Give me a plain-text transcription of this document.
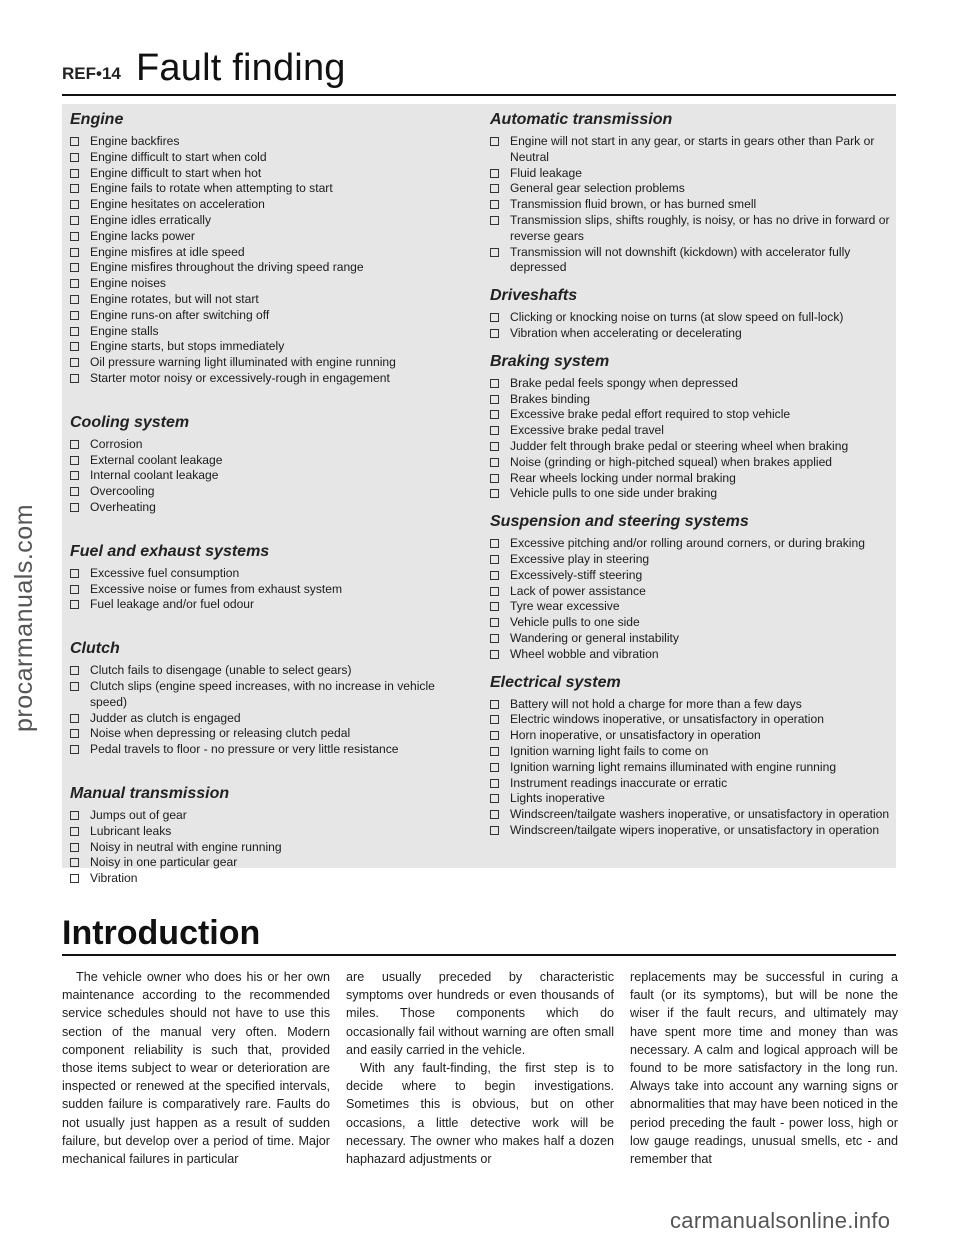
REF•14 Fault finding
procarmanuals.com
Engine
Engine backfires
Engine difficult to start when cold
Engine difficult to start when hot
Engine fails to rotate when attempting to start
Engine hesitates on acceleration
Engine idles erratically
Engine lacks power
Engine misfires at idle speed
Engine misfires throughout the driving speed range
Engine noises
Engine rotates, but will not start
Engine runs-on after switching off
Engine stalls
Engine starts, but stops immediately
Oil pressure warning light illuminated with engine running
Starter motor noisy or excessively-rough in engagement
Cooling system
Corrosion
External coolant leakage
Internal coolant leakage
Overcooling
Overheating
Fuel and exhaust systems
Excessive fuel consumption
Excessive noise or fumes from exhaust system
Fuel leakage and/or fuel odour
Clutch
Clutch fails to disengage (unable to select gears)
Clutch slips (engine speed increases, with no increase in vehicle speed)
Judder as clutch is engaged
Noise when depressing or releasing clutch pedal
Pedal travels to floor - no pressure or very little resistance
Manual transmission
Jumps out of gear
Lubricant leaks
Noisy in neutral with engine running
Noisy in one particular gear
Vibration
Automatic transmission
Engine will not start in any gear, or starts in gears other than Park or Neutral
Fluid leakage
General gear selection problems
Transmission fluid brown, or has burned smell
Transmission slips, shifts roughly, is noisy, or has no drive in forward or reverse gears
Transmission will not downshift (kickdown) with accelerator fully depressed
Driveshafts
Clicking or knocking noise on turns (at slow speed on full-lock)
Vibration when accelerating or decelerating
Braking system
Brake pedal feels spongy when depressed
Brakes binding
Excessive brake pedal effort required to stop vehicle
Excessive brake pedal travel
Judder felt through brake pedal or steering wheel when braking
Noise (grinding or high-pitched squeal) when brakes applied
Rear wheels locking under normal braking
Vehicle pulls to one side under braking
Suspension and steering systems
Excessive pitching and/or rolling around corners, or during braking
Excessive play in steering
Excessively-stiff steering
Lack of power assistance
Tyre wear excessive
Vehicle pulls to one side
Wandering or general instability
Wheel wobble and vibration
Electrical system
Battery will not hold a charge for more than a few days
Electric windows inoperative, or unsatisfactory in operation
Horn inoperative, or unsatisfactory in operation
Ignition warning light fails to come on
Ignition warning light remains illuminated with engine running
Instrument readings inaccurate or erratic
Lights inoperative
Windscreen/tailgate washers inoperative, or unsatisfactory in operation
Windscreen/tailgate wipers inoperative, or unsatisfactory in operation
Introduction

The vehicle owner who does his or her own maintenance according to the recommended service schedules should not have to use this section of the manual very often. Modern component reliability is such that, provided those items subject to wear or deterioration are inspected or renewed at the specified intervals, sudden failure is comparatively rare. Faults do not usually just happen as a result of sudden failure, but develop over a period of time. Major mechanical failures in particular

are usually preceded by characteristic symptoms over hundreds or even thousands of miles. Those components which do occasionally fail without warning are often small and easily carried in the vehicle.

With any fault-finding, the first step is to decide where to begin investigations. Sometimes this is obvious, but on other occasions, a little detective work will be necessary. The owner who makes half a dozen haphazard adjustments or

replacements may be successful in curing a fault (or its symptoms), but will be none the wiser if the fault recurs, and ultimately may have spent more time and money than was necessary. A calm and logical approach will be found to be more satisfactory in the long run. Always take into account any warning signs or abnormalities that may have been noticed in the period preceding the fault - power loss, high or low gauge readings, unusual smells, etc - and remember that

carmanualsonline.info
